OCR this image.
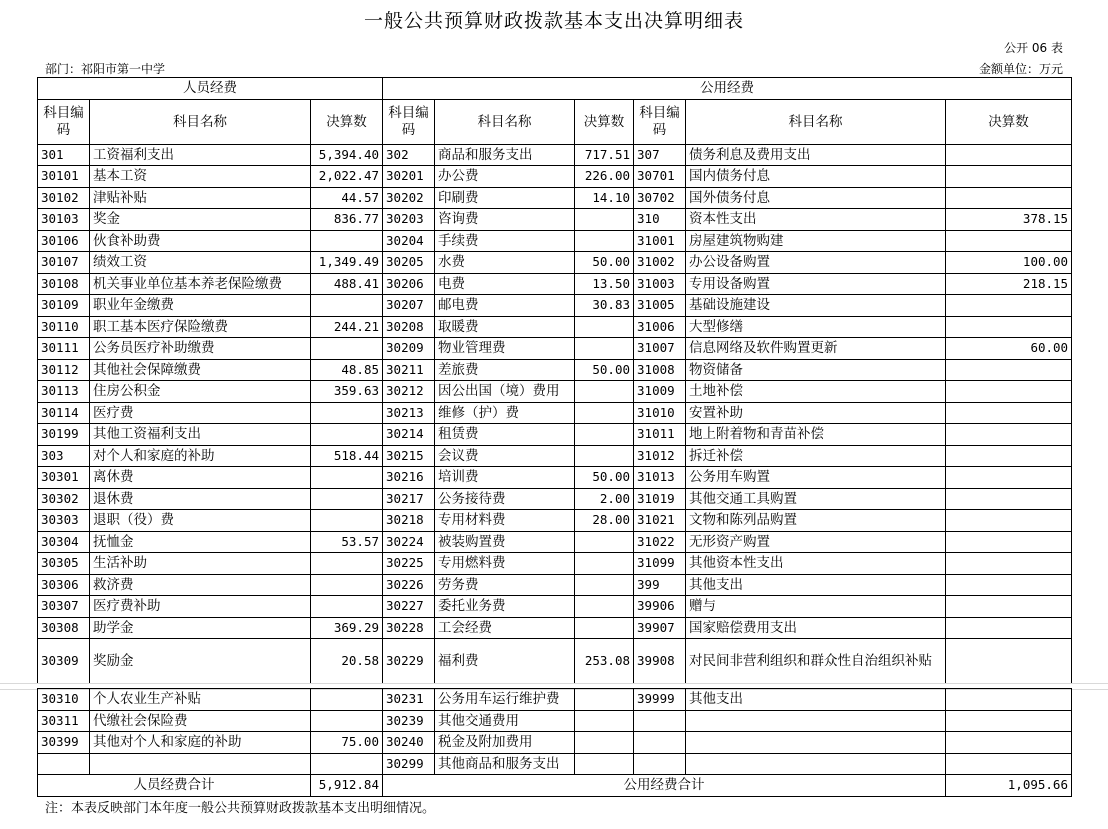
一般公共预算财政拨款基本支出决算明细表
公开 06 表
部门：祁阳市第一中学	金额单位：万元
人员经费			公用经费					
科目编码	科目名称	决算数	科目编码	科目名称	决算数	科目编码	科目名称	决算数
301	工资福利支出	5,394.40	302	商品和服务支出	717.51	307	债务利息及费用支出	
30101	基本工资	2,022.47	30201	办公费	226.00	30701	国内债务付息	
30102	津贴补贴	44.57	30202	印刷费	14.10	30702	国外债务付息	
30103	奖金	836.77	30203	咨询费		310	资本性支出	378.15
30106	伙食补助费		30204	手续费		31001	房屋建筑物购建	
30107	绩效工资	1,349.49	30205	水费	50.00	31002	办公设备购置	100.00
30108	机关事业单位基本养老保险缴费	488.41	30206	电费	13.50	31003	专用设备购置	218.15
30109	职业年金缴费		30207	邮电费	30.83	31005	基础设施建设	
30110	职工基本医疗保险缴费	244.21	30208	取暖费		31006	大型修缮	
30111	公务员医疗补助缴费		30209	物业管理费		31007	信息网络及软件购置更新	60.00
30112	其他社会保障缴费	48.85	30211	差旅费	50.00	31008	物资储备	
30113	住房公积金	359.63	30212	因公出国（境）费用		31009	土地补偿	
30114	医疗费		30213	维修（护）费		31010	安置补助	
30199	其他工资福利支出		30214	租赁费		31011	地上附着物和青苗补偿	
303	对个人和家庭的补助	518.44	30215	会议费		31012	拆迁补偿	
30301	离休费		30216	培训费	50.00	31013	公务用车购置	
30302	退休费		30217	公务接待费	2.00	31019	其他交通工具购置	
30303	退职（役）费		30218	专用材料费	28.00	31021	文物和陈列品购置	
30304	抚恤金	53.57	30224	被装购置费		31022	无形资产购置	
30305	生活补助		30225	专用燃料费		31099	其他资本性支出	
30306	救济费		30226	劳务费		399	其他支出	
30307	医疗费补助		30227	委托业务费		39906	赠与	
30308	助学金	369.29	30228	工会经费		39907	国家赔偿费用支出	
30309	奖励金	20.58	30229	福利费	253.08	39908	对民间非营利组织和群众性自治组织补贴	
30310	个人农业生产补贴		30231	公务用车运行维护费		39999	其他支出	
30311	代缴社会保险费		30239	其他交通费用				
30399	其他对个人和家庭的补助	75.00	30240	税金及附加费用				
			30299	其他商品和服务支出				
人员经费合计		5,912.84	公用经费合计					1,095.66
注：本表反映部门本年度一般公共预算财政拨款基本支出明细情况。
